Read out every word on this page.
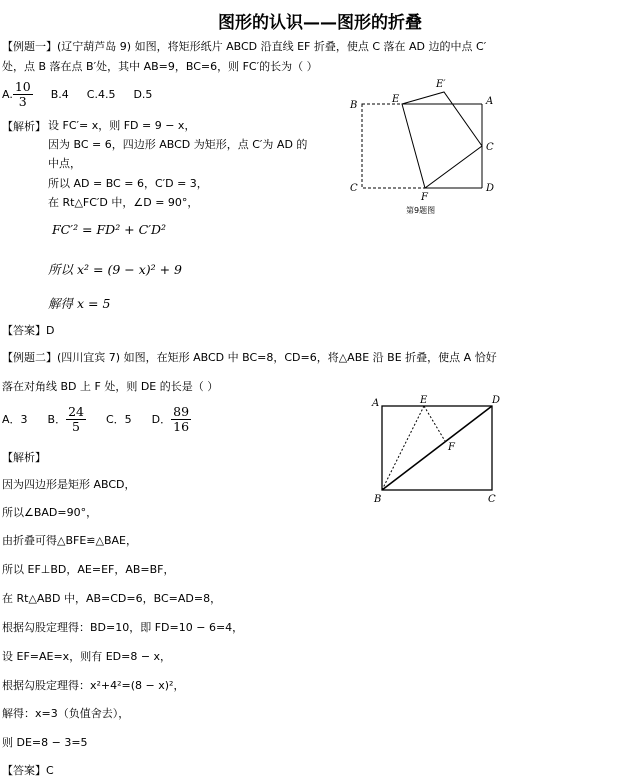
图形的认识——图形的折叠
【例题一】(辽宁葫芦岛 9) 如图，将矩形纸片 ABCD 沿直线 EF 折叠，使点 C 落在 AD 边的中点 C′
处，点 B 落在点 B′处，其中 AB=9，BC=6，则 FC′的长为（ ）
A. $\frac{10}{3} B.4$ C.4.5 D.5
【解析】 设 FC′= x，则 FD = 9 − x，
因为 BC = 6，四边形 ABCD 为矩形，点 C′为 AD 的
中点，
所以 AD = BC = 6，C′D = 3，
在 Rt△FC′D 中，∠D = 90°，
FC′² = FD² + C′D²
所以 x² = (9 − x)² + 9
解得 x = 5
【答案】D
B
E
E′
A
C
C
F
D
第9题图
【例题二】(四川宜宾 7) 如图，在矩形 ABCD 中 BC=8，CD=6，将△ABE 沿 BE 折叠，使点 A 恰好
落在对角线 BD 上 F 处，则 DE 的长是（ ）
A．3 B． $\frac{24}{5}$ C．5 D． $\frac{89}{16}$
【解析】
因为四边形是矩形 ABCD，
所以∠BAD=90°，
由折叠可得△BFE≌△BAE，
所以 EF⊥BD，AE=EF，AB=BF，
在 Rt△ABD 中，AB=CD=6，BC=AD=8，
根据勾股定理得：BD=10，即 FD=10 − 6=4，
设 EF=AE=x，则有 ED=8 − x，
根据勾股定理得：x²+4²=(8 − x)²，
解得：x=3（负值舍去），
则 DE=8 − 3=5
【答案】C
A	E	D
F
B	C
